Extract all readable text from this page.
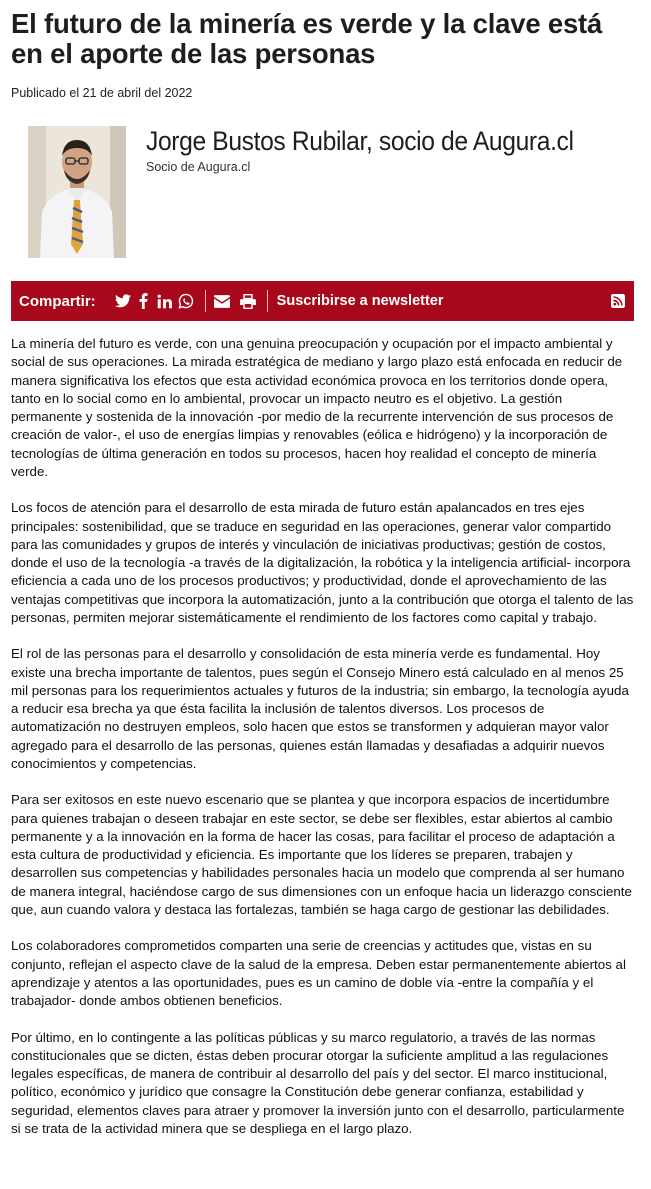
El futuro de la minería es verde y la clave está en el aporte de las personas
Publicado el 21 de abril del 2022
Jorge Bustos Rubilar, socio de Augura.cl
Socio de Augura.cl
Compartir:	Suscribirse a newsletter

La minería del futuro es verde, con una genuina preocupación y ocupación por el impacto ambiental y social de sus operaciones. La mirada estratégica de mediano y largo plazo está enfocada en reducir de manera significativa los efectos que esta actividad económica provoca en los territorios donde opera, tanto en lo social como en lo ambiental, provocar un impacto neutro es el objetivo. La gestión permanente y sostenida de la innovación -por medio de la recurrente intervención de sus procesos de creación de valor-, el uso de energías limpias y renovables (eólica e hidrógeno) y la incorporación de tecnologías de última generación en todos su procesos, hacen hoy realidad el concepto de minería verde.

Los focos de atención para el desarrollo de esta mirada de futuro están apalancados en tres ejes principales: sostenibilidad, que se traduce en seguridad en las operaciones, generar valor compartido para las comunidades y grupos de interés y vinculación de iniciativas productivas; gestión de costos, donde el uso de la tecnología -a través de la digitalización, la robótica y la inteligencia artificial- incorpora eficiencia a cada uno de los procesos productivos; y productividad, donde el aprovechamiento de las ventajas competitivas que incorpora la automatización, junto a la contribución que otorga el talento de las personas, permiten mejorar sistemáticamente el rendimiento de los factores como capital y trabajo.

El rol de las personas para el desarrollo y consolidación de esta minería verde es fundamental. Hoy existe una brecha importante de talentos, pues según el Consejo Minero está calculado en al menos 25 mil personas para los requerimientos actuales y futuros de la industria; sin embargo, la tecnología ayuda a reducir esa brecha ya que ésta facilita la inclusión de talentos diversos. Los procesos de automatización no destruyen empleos, solo hacen que estos se transformen y adquieran mayor valor agregado para el desarrollo de las personas, quienes están llamadas y desafiadas a adquirir nuevos conocimientos y competencias.

Para ser exitosos en este nuevo escenario que se plantea y que incorpora espacios de incertidumbre para quienes trabajan o deseen trabajar en este sector, se debe ser flexibles, estar abiertos al cambio permanente y a la innovación en la forma de hacer las cosas, para facilitar el proceso de adaptación a esta cultura de productividad y eficiencia. Es importante que los líderes se preparen, trabajen y desarrollen sus competencias y habilidades personales hacia un modelo que comprenda al ser humano de manera integral, haciéndose cargo de sus dimensiones con un enfoque hacia un liderazgo consciente que, aun cuando valora y destaca las fortalezas, también se haga cargo de gestionar las debilidades.

Los colaboradores comprometidos comparten una serie de creencias y actitudes que, vistas en su conjunto, reflejan el aspecto clave de la salud de la empresa. Deben estar permanentemente abiertos al aprendizaje y atentos a las oportunidades, pues es un camino de doble vía -entre la compañía y el trabajador- donde ambos obtienen beneficios.

Por último, en lo contingente a las políticas públicas y su marco regulatorio, a través de las normas constitucionales que se dicten, éstas deben procurar otorgar la suficiente amplitud a las regulaciones legales específicas, de manera de contribuir al desarrollo del país y del sector. El marco institucional, político, económico y jurídico que consagre la Constitución debe generar confianza, estabilidad y seguridad, elementos claves para atraer y promover la inversión junto con el desarrollo, particularmente si se trata de la actividad minera que se despliega en el largo plazo.
